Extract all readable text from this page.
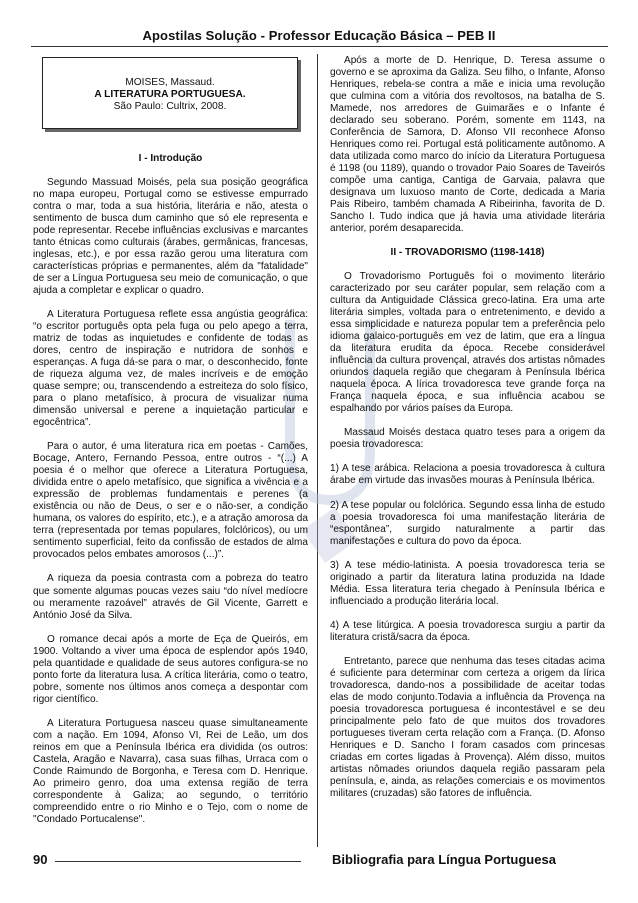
Apostilas Solução - Professor Educação Básica – PEB II
MOISES, Massaud.
A LITERATURA PORTUGUESA.
São Paulo: Cultrix, 2008.
I - Introdução

Segundo Massuad Moisés, pela sua posição geográfica no mapa europeu, Portugal como se estivesse empurrado contra o mar, toda a sua história, literária e não, atesta o sentimento de busca dum caminho que só ele representa e pode representar. Recebe influências exclusivas e marcantes tanto étnicas como culturais (árabes, germânicas, francesas, inglesas, etc.), e por essa razão gerou uma literatura com características próprias e permanentes, além da "fatalidade" de ser a Língua Portuguesa seu meio de comunicação, o que ajuda a completar e explicar o quadro.

A Literatura Portuguesa reflete essa angústia geográfica: “o escritor português opta pela fuga ou pelo apego a terra, matriz de todas as inquietudes e confidente de todas as dores, centro de inspiração e nutridora de sonhos e esperanças. A fuga dá-se para o mar, o desconhecido, fonte de riqueza alguma vez, de males incríveis e de emoção quase sempre; ou, transcendendo a estreiteza do solo físico, para o plano metafísico, à procura de visualizar numa dimensão universal e perene a inquietação particular e egocêntrica”.

Para o autor, é uma literatura rica em poetas - Camões, Bocage, Antero, Fernando Pessoa, entre outros - “(...) A poesia é o melhor que oferece a Literatura Portuguesa, dividida entre o apelo metafísico, que significa a vivência e a expressão de problemas fundamentais e perenes (a existência ou não de Deus, o ser e o não-ser, a condição humana, os valores do espírito, etc.), e a atração amorosa da terra (representada por temas populares, folclóricos), ou um sentimento superficial, feito da confissão de estados de alma provocados pelos embates amorosos (...)”.

A riqueza da poesia contrasta com a pobreza do teatro que somente algumas poucas vezes saiu “do nível medíocre ou meramente razoável” através de Gil Vicente, Garrett e António José da Silva.

O romance decai após a morte de Eça de Queirós, em 1900. Voltando a viver uma época de esplendor após 1940, pela quantidade e qualidade de seus autores configura-se no ponto forte da literatura lusa. A crítica literária, como o teatro, pobre, somente nos últimos anos começa a despontar com rigor científico.

A Literatura Portuguesa nasceu quase simultaneamente com a nação. Em 1094, Afonso VI, Rei de Leão, um dos reinos em que a Península Ibérica era dividida (os outros: Castela, Aragão e Navarra), casa suas filhas, Urraca com o Conde Raimundo de Borgonha, e Teresa com D. Henrique. Ao primeiro genro, doa uma extensa região de terra correspondente à Galiza; ao segundo, o território compreendido entre o rio Minho e o Tejo, com o nome de "Condado Portucalense".

Após a morte de D. Henrique, D. Teresa assume o governo e se aproxima da Galiza. Seu filho, o Infante, Afonso Henriques, rebela-se contra a mãe e inicia uma revolução que culmina com a vitória dos revoltosos, na batalha de S. Mamede, nos arredores de Guimarães e o Infante é declarado seu soberano. Porém, somente em 1143, na Conferência de Samora, D. Afonso VII reconhece Afonso Henriques como rei. Portugal está politicamente autônomo. A data utilizada como marco do início da Literatura Portuguesa é 1198 (ou 1189), quando o trovador Paio Soares de Taveirós compõe uma cantiga, Cantiga de Garvaia, palavra que designava um luxuoso manto de Corte, dedicada a Maria Pais Ribeiro, também chamada A Ribeirinha, favorita de D. Sancho I. Tudo indica que já havia uma atividade literária anterior, porém desaparecida.

II - TROVADORISMO (1198-1418)

O Trovadorismo Português foi o movimento literário caracterizado por seu caráter popular, sem relação com a cultura da Antiguidade Clássica greco-latina. Era uma arte literária simples, voltada para o entretenimento, e devido a essa simplicidade e natureza popular tem a preferência pelo idioma galaico-português em vez de latim, que era a língua da literatura erudita da época. Recebe considerável influência da cultura provençal, através dos artistas nômades oriundos daquela região que chegaram à Península Ibérica naquela época. A lírica trovadoresca teve grande força na França naquela época, e sua influência acabou se espalhando por vários países da Europa.

Massaud Moisés destaca quatro teses para a origem da poesia trovadoresca:

1) A tese arábica. Relaciona a poesia trovadoresca à cultura árabe em virtude das invasões mouras à Península Ibérica.

2) A tese popular ou folclórica. Segundo essa linha de estudo a poesia trovadoresca foi uma manifestação literária de “espontânea”, surgido naturalmente a partir das manifestações e cultura do povo da época.

3) A tese médio-latinista. A poesia trovadoresca teria se originado a partir da literatura latina produzida na Idade Média. Essa literatura teria chegado à Península Ibérica e influenciado a produção literária local.

4) A tese litúrgica. A poesia trovadoresca surgiu a partir da literatura cristã/sacra da época.

Entretanto, parece que nenhuma das teses citadas acima é suficiente para determinar com certeza a origem da lírica trovadoresca, dando-nos a possibilidade de aceitar todas elas de modo conjunto.Todavia a influência da Provença na poesia trovadoresca portuguesa é incontestável e se deu principalmente pelo fato de que muitos dos trovadores portugueses tiveram certa relação com a França. (D. Afonso Henriques e D. Sancho I foram casados com princesas criadas em cortes ligadas à Provença). Além disso, muitos artistas nômades oriundos daquela região passaram pela península, e, ainda, as relações comerciais e os movimentos militares (cruzadas) são fatores de influência.

90	Bibliografia para Língua Portuguesa
